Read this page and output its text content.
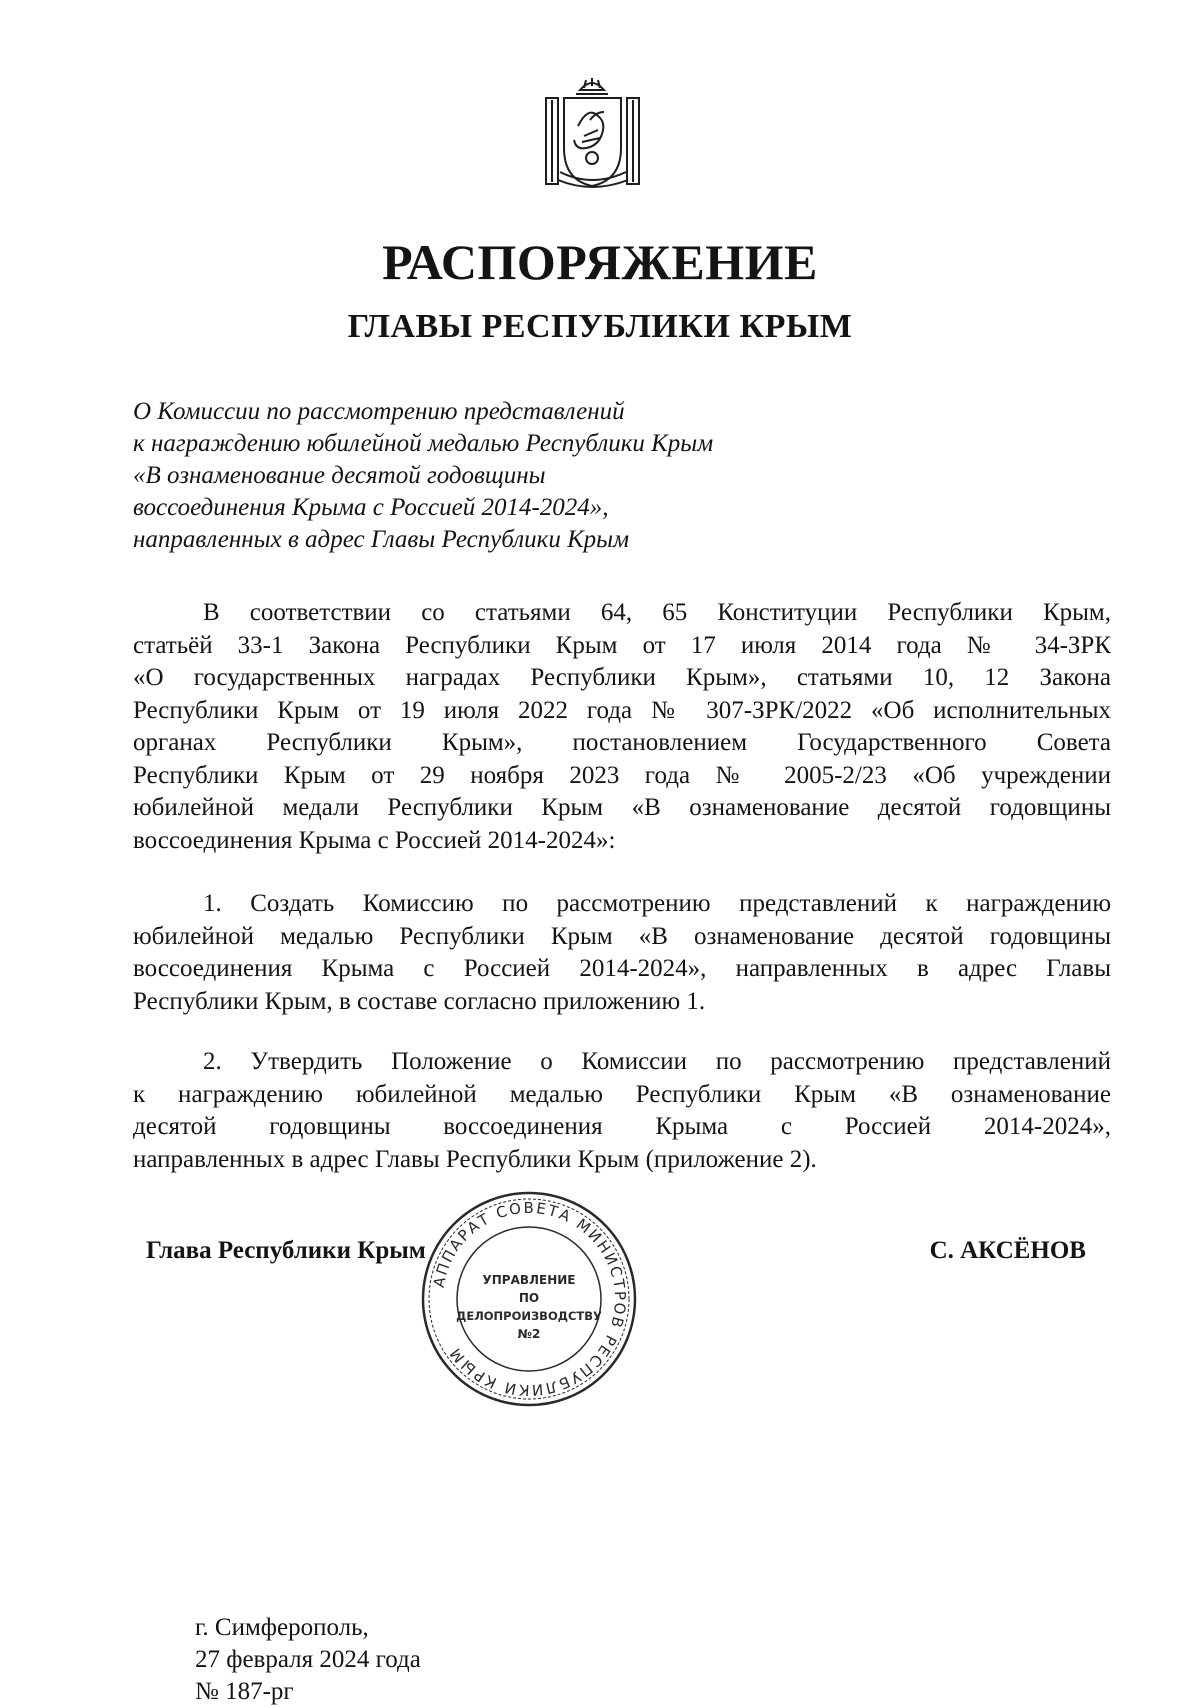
РАСПОРЯЖЕНИЕ
ГЛАВЫ РЕСПУБЛИКИ КРЫМ
О Комиссии по рассмотрению представлений
к награждению юбилейной медалью Республики Крым
«В ознаменование десятой годовщины
воссоединения Крыма с Россией 2014-2024»,
направленных в адрес Главы Республики Крым
В соответствии со статьями 64, 65 Конституции Республики Крым,
статьёй 33-1 Закона Республики Крым от 17 июля 2014 года № 34-ЗРК
«О государственных наградах Республики Крым», статьями 10, 12 Закона
Республики Крым от 19 июля 2022 года № 307-ЗРК/2022 «Об исполнительных
органах Республики Крым», постановлением Государственного Совета
Республики Крым от 29 ноября 2023 года № 2005-2/23 «Об учреждении
юбилейной медали Республики Крым «В ознаменование десятой годовщины
воссоединения Крыма с Россией 2014-2024»:
1. Создать Комиссию по рассмотрению представлений к награждению
юбилейной медалью Республики Крым «В ознаменование десятой годовщины
воссоединения Крыма с Россией 2014-2024», направленных в адрес Главы
Республики Крым, в составе согласно приложению 1.
2. Утвердить Положение о Комиссии по рассмотрению представлений
к награждению юбилейной медалью Республики Крым «В ознаменование
десятой годовщины воссоединения Крыма с Россией 2014-2024»,
направленных в адрес Главы Республики Крым (приложение 2).
Глава Республики Крым	С. АКСЁНОВ
АППАРАТ СОВЕТА МИНИСТРОВ РЕСПУБЛИКИ КРЫМ
УПРАВЛЕНИЕ
ПО
ДЕЛОПРОИЗВОДСТВУ
№2
г. Симферополь,
27 февраля 2024 года
№ 187-рг
